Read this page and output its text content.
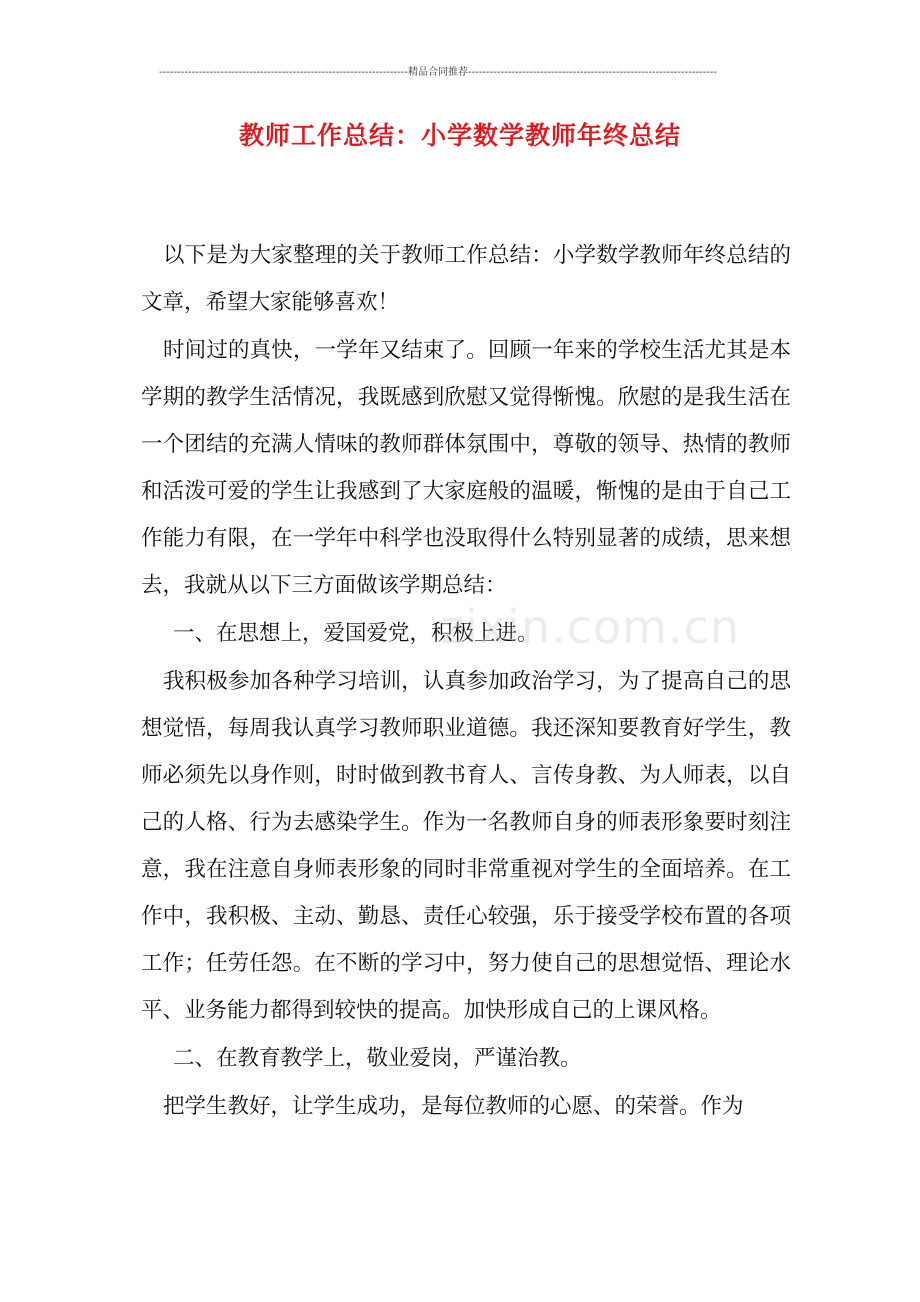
---------------------------------------------------------------------精品合同推荐---------------------------------------------------------------------
教师工作总结：小学数学教师年终总结

以下是为大家整理的关于教师工作总结：小学数学教师年终总结的文章，希望大家能够喜欢！

时间过的真快，一学年又结束了。回顾一年来的学校生活尤其是本学期的教学生活情况，我既感到欣慰又觉得惭愧。欣慰的是我生活在一个团结的充满人情味的教师群体氛围中，尊敬的领导、热情的教师和活泼可爱的学生让我感到了大家庭般的温暖，惭愧的是由于自己工作能力有限，在一学年中科学也没取得什么特别显著的成绩，思来想去，我就从以下三方面做该学期总结：

一、在思想上，爱国爱党，积极上进。

我积极参加各种学习培训，认真参加政治学习，为了提高自己的思想觉悟，每周我认真学习教师职业道德。我还深知要教育好学生，教师必须先以身作则，时时做到教书育人、言传身教、为人师表，以自己的人格、行为去感染学生。作为一名教师自身的师表形象要时刻注意，我在注意自身师表形象的同时非常重视对学生的全面培养。在工作中，我积极、主动、勤恳、责任心较强，乐于接受学校布置的各项工作；任劳任怨。在不断的学习中，努力使自己的思想觉悟、理论水平、业务能力都得到较快的提高。加快形成自己的上课风格。

二、在教育教学上，敬业爱岗，严谨治教。

把学生教好，让学生成功，是每位教师的心愿、的荣誉。作为

zixin.com.cn
